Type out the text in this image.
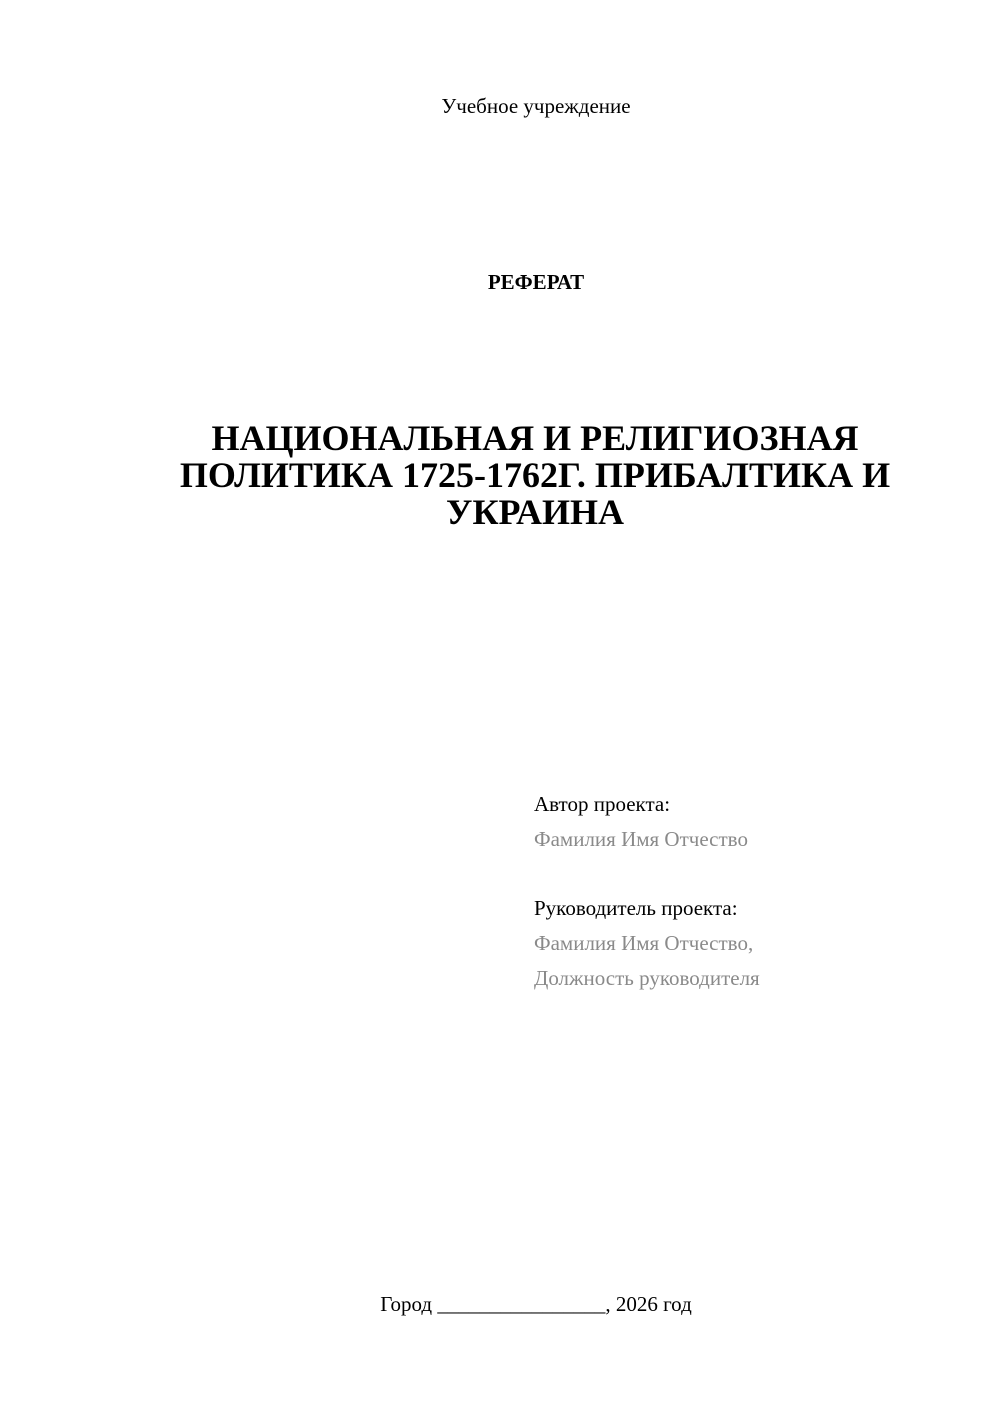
Учебное учреждение
РЕФЕРАТ
НАЦИОНАЛЬНАЯ И РЕЛИГИОЗНАЯ
ПОЛИТИКА 1725-1762Г. ПРИБАЛТИКА И
УКРАИНА
Автор проекта:
Фамилия Имя Отчество
Руководитель проекта:
Фамилия Имя Отчество,
Должность руководителя
Город ________________, 2026 год
